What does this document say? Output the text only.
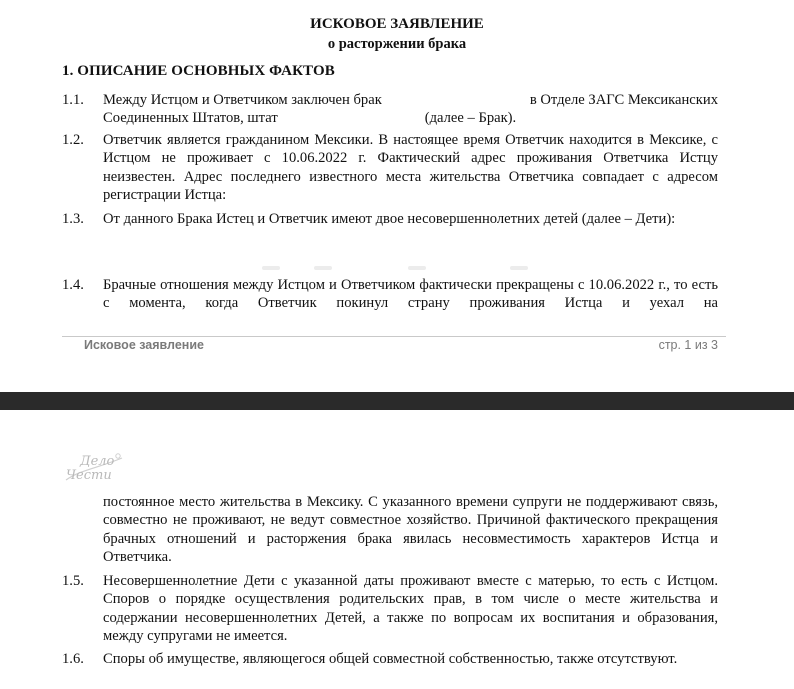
ИСКОВОЕ ЗАЯВЛЕНИЕ
о расторжении брака
1. ОПИСАНИЕ ОСНОВНЫХ ФАКТОВ
1.1.	Между Истцом и Ответчиком заключен брак	в Отделе ЗАГС Мексиканских
Соединенных Штатов, штат	(далее – Брак).
1.2.	Ответчик является гражданином Мексики. В настоящее время Ответчик находится в Мексике, с Истцом не проживает с 10.06.2022 г. Фактический адрес проживания Ответчика Истцу неизвестен. Адрес последнего известного места жительства Ответчика совпадает с адресом регистрации Истца:
1.3.	От данного Брака Истец и Ответчик имеют двое несовершеннолетних детей (далее – Дети):
1.4.	Брачные отношения между Истцом и Ответчиком фактически прекращены с 10.06.2022 г., то есть с момента, когда Ответчик покинул страну проживания Истца и уехал на
Исковое заявление	стр. 1 из 3
Дело
Чести
постоянное место жительства в Мексику. С указанного времени супруги не поддерживают связь, совместно не проживают, не ведут совместное хозяйство. Причиной фактического прекращения брачных отношений и расторжения брака явилась несовместимость характеров Истца и Ответчика.
1.5.	Несовершеннолетние Дети с указанной даты проживают вместе с матерью, то есть с Истцом. Споров о порядке осуществления родительских прав, в том числе о месте жительства и содержании несовершеннолетних Детей, а также по вопросам их воспитания и образования, между супругами не имеется.
1.6.	Споры об имуществе, являющегося общей совместной собственностью, также отсутствуют.
